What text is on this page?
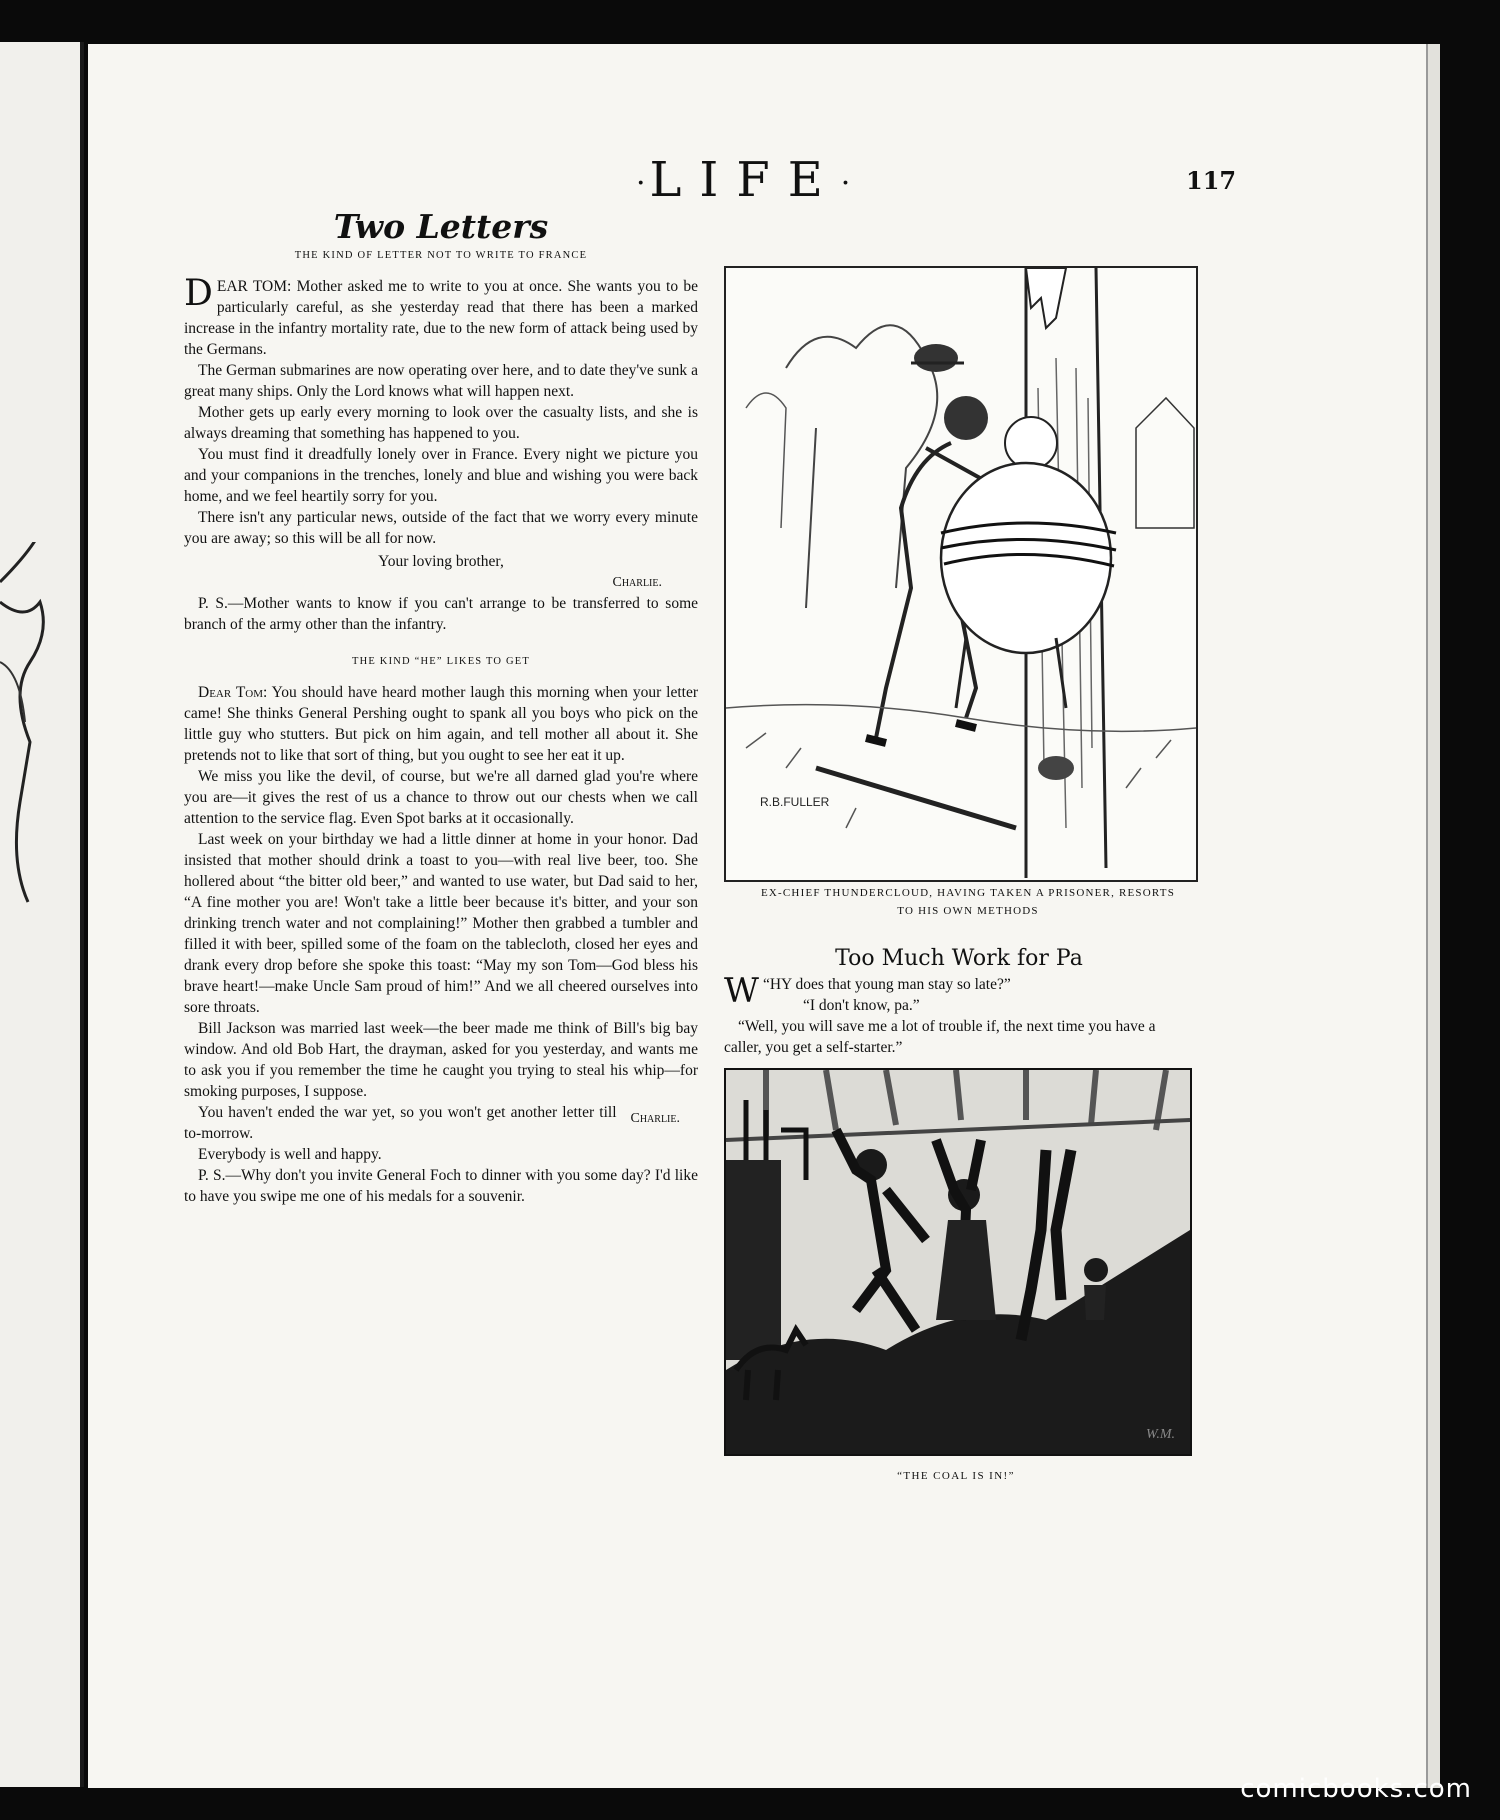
·LIFE·	117
Two Letters
THE KIND OF LETTER NOT TO WRITE TO FRANCE

DEAR TOM: Mother asked me to write to you at once. She wants you to be particularly careful, as she yesterday read that there has been a marked increase in the infantry mortality rate, due to the new form of attack being used by the Germans.

The German submarines are now operating over here, and to date they've sunk a great many ships. Only the Lord knows what will happen next.

Mother gets up early every morning to look over the casualty lists, and she is always dreaming that something has happened to you.

You must find it dreadfully lonely over in France. Every night we picture you and your companions in the trenches, lonely and blue and wishing you were back home, and we feel heartily sorry for you.

There isn't any particular news, outside of the fact that we worry every minute you are away; so this will be all for now.

Your loving brother,

Charlie.

P. S.—Mother wants to know if you can't arrange to be transferred to some branch of the army other than the infantry.

THE KIND “HE” LIKES TO GET

Dear Tom: You should have heard mother laugh this morning when your letter came! She thinks General Pershing ought to spank all you boys who pick on the little guy who stutters. But pick on him again, and tell mother all about it. She pretends not to like that sort of thing, but you ought to see her eat it up.

We miss you like the devil, of course, but we're all darned glad you're where you are—it gives the rest of us a chance to throw out our chests when we call attention to the service flag. Even Spot barks at it occasionally.

Last week on your birthday we had a little dinner at home in your honor. Dad insisted that mother should drink a toast to you—with real live beer, too. She hollered about “the bitter old beer,” and wanted to use water, but Dad said to her, “A fine mother you are! Won't take a little beer because it's bitter, and your son drinking trench water and not complaining!” Mother then grabbed a tumbler and filled it with beer, spilled some of the foam on the tablecloth, closed her eyes and drank every drop before she spoke this toast: “May my son Tom—God bless his brave heart!—make Uncle Sam proud of him!” And we all cheered ourselves into sore throats.

Bill Jackson was married last week—the beer made me think of Bill's big bay window. And old Bob Hart, the drayman, asked for you yesterday, and wants me to ask you if you remember the time he caught you trying to steal his whip—for smoking purposes, I suppose.

Charlie.
You haven't ended the war yet, so you won't get another letter till to-morrow.

Everybody is well and happy.

P. S.—Why don't you invite General Foch to dinner with you some day? I'd like to have you swipe me one of his medals for a souvenir.

R.B.FULLER
EX-CHIEF THUNDERCLOUD, HAVING TAKEN A PRISONER, RESORTS
TO HIS OWN METHODS
Too Much Work for Pa

“
W HY does that young man stay so late?”

“I don't know, pa.”

“Well, you will save me a lot of trouble if, the next time you have a caller, you get a self-starter.”

W.M.
“THE COAL IS IN!”
comicbooks.com
